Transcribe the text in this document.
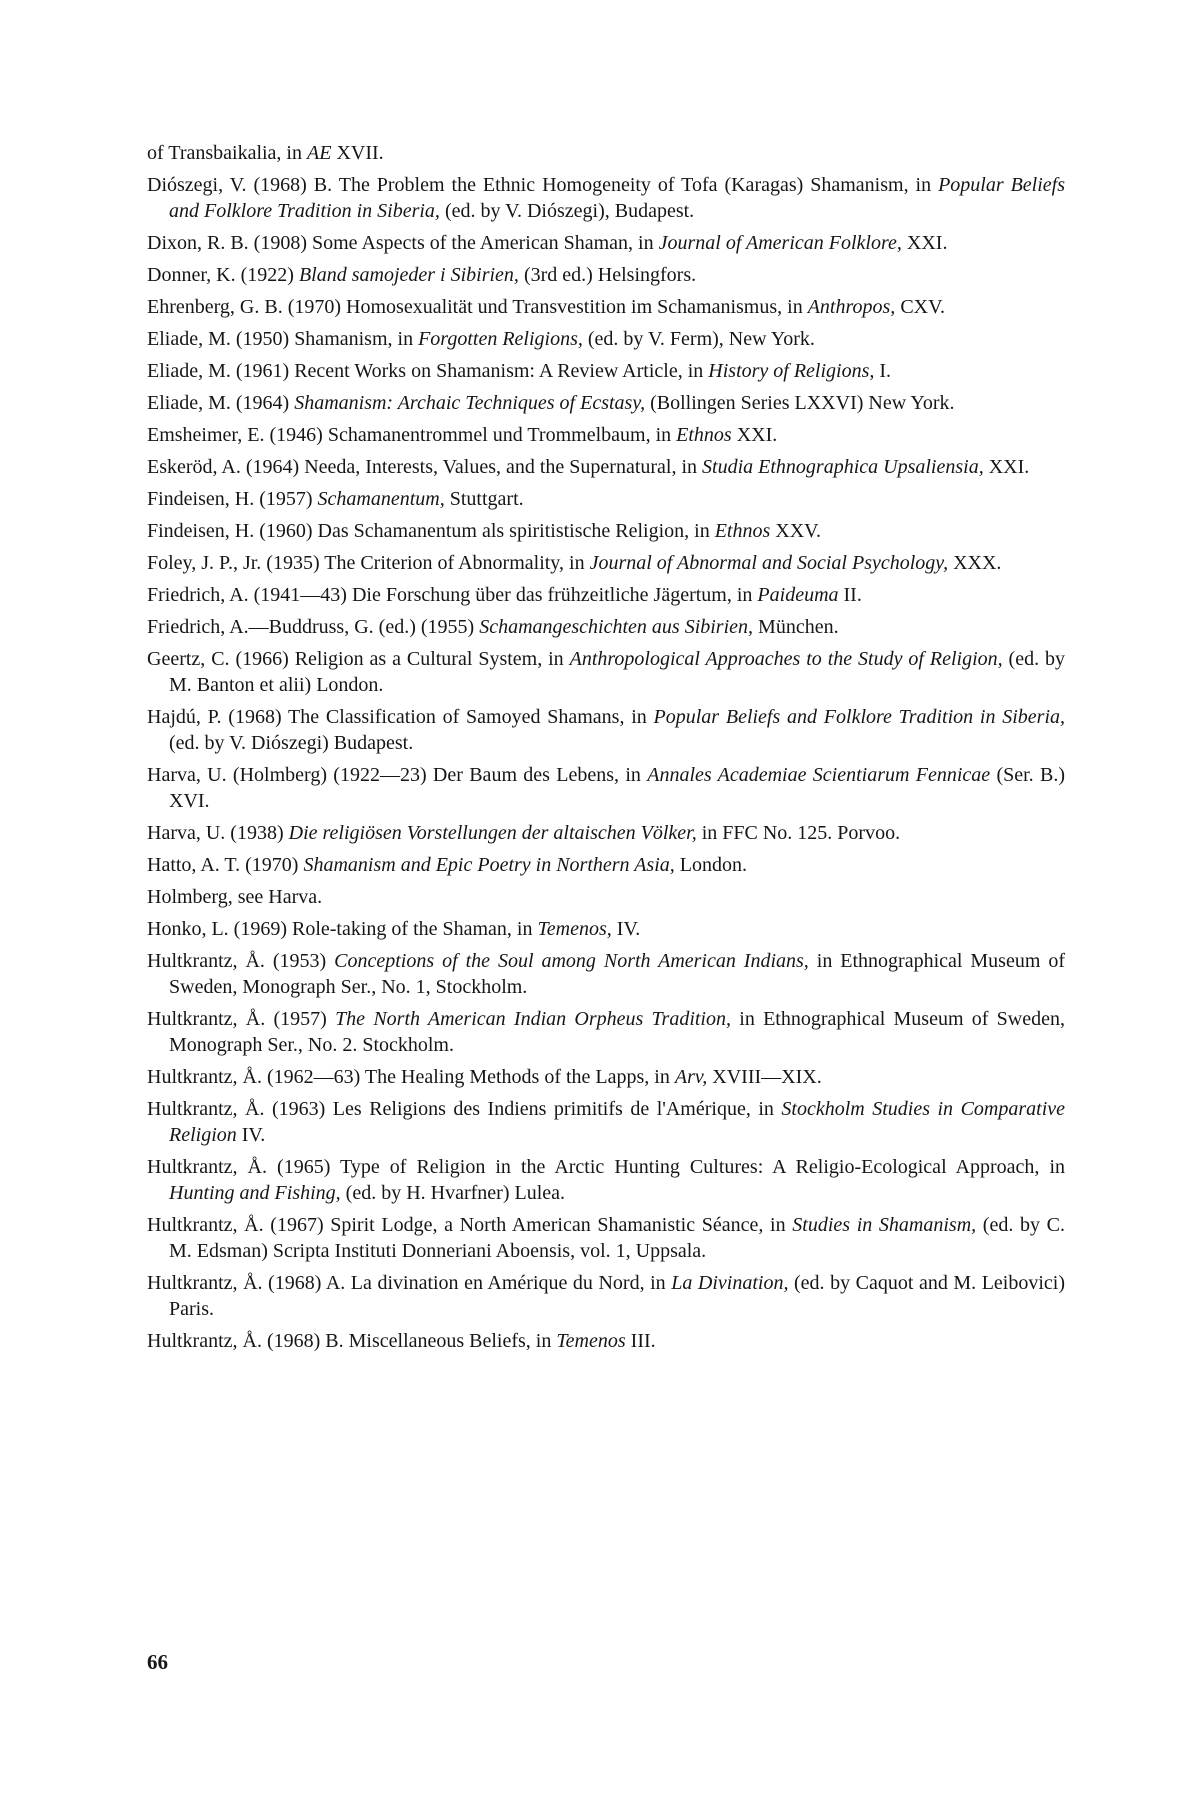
of Transbaikalia, in AE XVII.

Diószegi, V. (1968) B. The Problem the Ethnic Homogeneity of Tofa (Karagas) Shamanism, in Popular Beliefs and Folklore Tradition in Siberia, (ed. by V. Diószegi), Budapest.

Dixon, R. B. (1908) Some Aspects of the American Shaman, in Journal of American Folklore, XXI.

Donner, K. (1922) Bland samojeder i Sibirien, (3rd ed.) Helsingfors.

Ehrenberg, G. B. (1970) Homosexualität und Transvestition im Schamanismus, in Anthropos, CXV.

Eliade, M. (1950) Shamanism, in Forgotten Religions, (ed. by V. Ferm), New York.

Eliade, M. (1961) Recent Works on Shamanism: A Review Article, in History of Religions, I.

Eliade, M. (1964) Shamanism: Archaic Techniques of Ecstasy, (Bollingen Series LXXVI) New York.

Emsheimer, E. (1946) Schamanentrommel und Trommelbaum, in Ethnos XXI.

Eskeröd, A. (1964) Needa, Interests, Values, and the Supernatural, in Studia Ethnographica Upsaliensia, XXI.

Findeisen, H. (1957) Schamanentum, Stuttgart.

Findeisen, H. (1960) Das Schamanentum als spiritistische Religion, in Ethnos XXV.

Foley, J. P., Jr. (1935) The Criterion of Abnormality, in Journal of Abnormal and Social Psychology, XXX.

Friedrich, A. (1941—43) Die Forschung über das frühzeitliche Jägertum, in Paideuma II.

Friedrich, A.—Buddruss, G. (ed.) (1955) Schamangeschichten aus Sibirien, München.

Geertz, C. (1966) Religion as a Cultural System, in Anthropological Approaches to the Study of Religion, (ed. by M. Banton et alii) London.

Hajdú, P. (1968) The Classification of Samoyed Shamans, in Popular Beliefs and Folklore Tradition in Siberia, (ed. by V. Diószegi) Budapest.

Harva, U. (Holmberg) (1922—23) Der Baum des Lebens, in Annales Academiae Scientiarum Fennicae (Ser. B.) XVI.

Harva, U. (1938) Die religiösen Vorstellungen der altaischen Völker, in FFC No. 125. Porvoo.

Hatto, A. T. (1970) Shamanism and Epic Poetry in Northern Asia, London.

Holmberg, see Harva.

Honko, L. (1969) Role-taking of the Shaman, in Temenos, IV.

Hultkrantz, Å. (1953) Conceptions of the Soul among North American Indians, in Ethnographical Museum of Sweden, Monograph Ser., No. 1, Stockholm.

Hultkrantz, Å. (1957) The North American Indian Orpheus Tradition, in Ethnographical Museum of Sweden, Monograph Ser., No. 2. Stockholm.

Hultkrantz, Å. (1962—63) The Healing Methods of the Lapps, in Arv, XVIII—XIX.

Hultkrantz, Å. (1963) Les Religions des Indiens primitifs de l'Amérique, in Stockholm Studies in Comparative Religion IV.

Hultkrantz, Å. (1965) Type of Religion in the Arctic Hunting Cultures: A Religio-Ecological Approach, in Hunting and Fishing, (ed. by H. Hvarfner) Lulea.

Hultkrantz, Å. (1967) Spirit Lodge, a North American Shamanistic Séance, in Studies in Shamanism, (ed. by C. M. Edsman) Scripta Instituti Donneriani Aboensis, vol. 1, Uppsala.

Hultkrantz, Å. (1968) A. La divination en Amérique du Nord, in La Divination, (ed. by Caquot and M. Leibovici) Paris.

Hultkrantz, Å. (1968) B. Miscellaneous Beliefs, in Temenos III.

66
